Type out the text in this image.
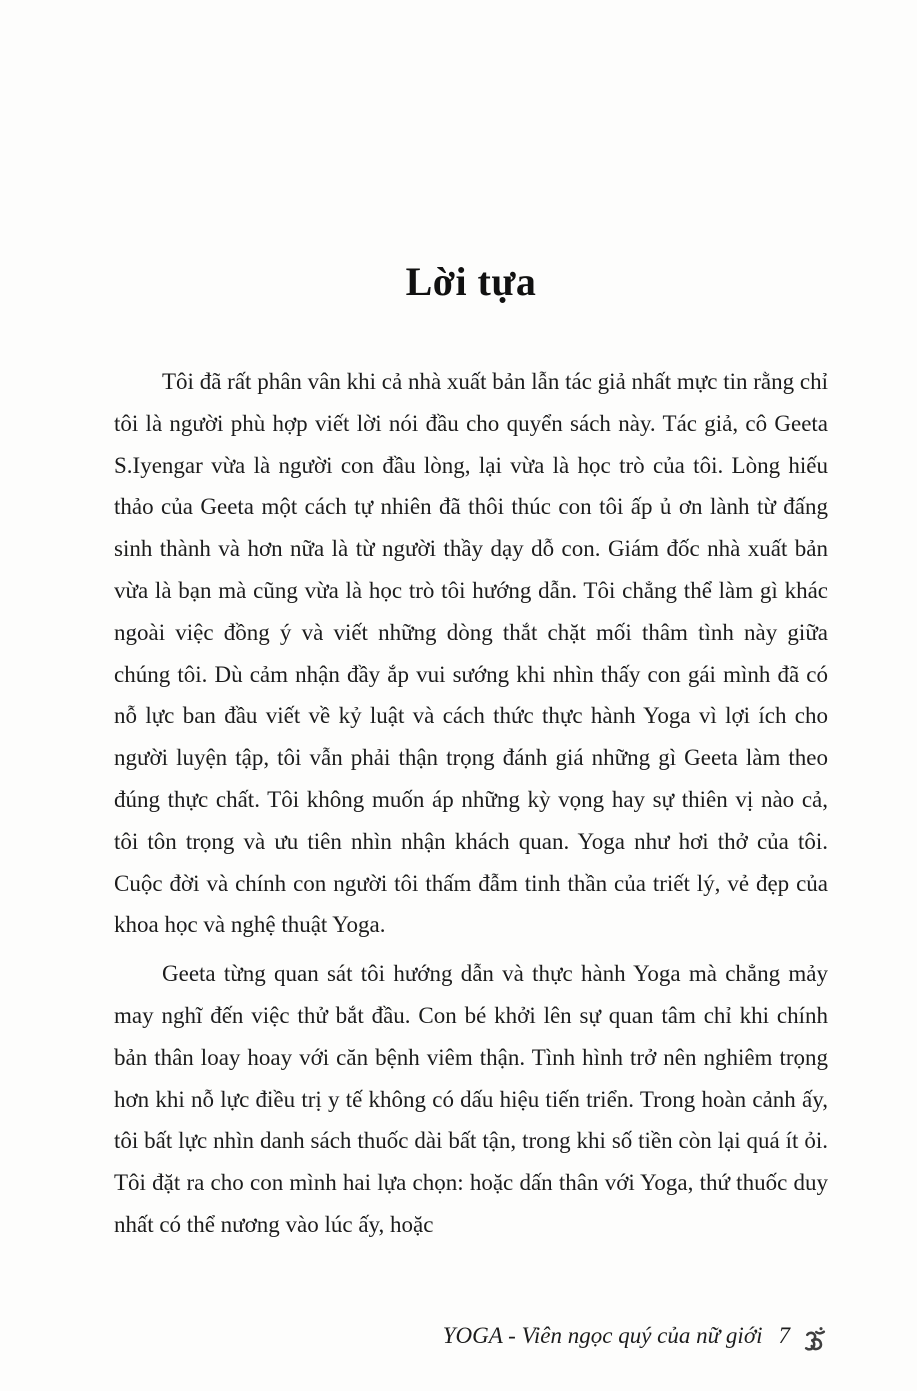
Lời tựa

Tôi đã rất phân vân khi cả nhà xuất bản lẫn tác giả nhất mực tin rằng chỉ tôi là người phù hợp viết lời nói đầu cho quyển sách này. Tác giả, cô Geeta S.Iyengar vừa là người con đầu lòng, lại vừa là học trò của tôi. Lòng hiếu thảo của Geeta một cách tự nhiên đã thôi thúc con tôi ấp ủ ơn lành từ đấng sinh thành và hơn nữa là từ người thầy dạy dỗ con. Giám đốc nhà xuất bản vừa là bạn mà cũng vừa là học trò tôi hướng dẫn. Tôi chẳng thể làm gì khác ngoài việc đồng ý và viết những dòng thắt chặt mối thâm tình này giữa chúng tôi. Dù cảm nhận đầy ắp vui sướng khi nhìn thấy con gái mình đã có nỗ lực ban đầu viết về kỷ luật và cách thức thực hành Yoga vì lợi ích cho người luyện tập, tôi vẫn phải thận trọng đánh giá những gì Geeta làm theo đúng thực chất. Tôi không muốn áp những kỳ vọng hay sự thiên vị nào cả, tôi tôn trọng và ưu tiên nhìn nhận khách quan. Yoga như hơi thở của tôi. Cuộc đời và chính con người tôi thấm đẫm tinh thần của triết lý, vẻ đẹp của khoa học và nghệ thuật Yoga.

Geeta từng quan sát tôi hướng dẫn và thực hành Yoga mà chẳng mảy may nghĩ đến việc thử bắt đầu. Con bé khởi lên sự quan tâm chỉ khi chính bản thân loay hoay với căn bệnh viêm thận. Tình hình trở nên nghiêm trọng hơn khi nỗ lực điều trị y tế không có dấu hiệu tiến triển. Trong hoàn cảnh ấy, tôi bất lực nhìn danh sách thuốc dài bất tận, trong khi số tiền còn lại quá ít ỏi. Tôi đặt ra cho con mình hai lựa chọn: hoặc dấn thân với Yoga, thứ thuốc duy nhất có thể nương vào lúc ấy, hoặc

YOGA - Viên ngọc quý của nữ giới 7
